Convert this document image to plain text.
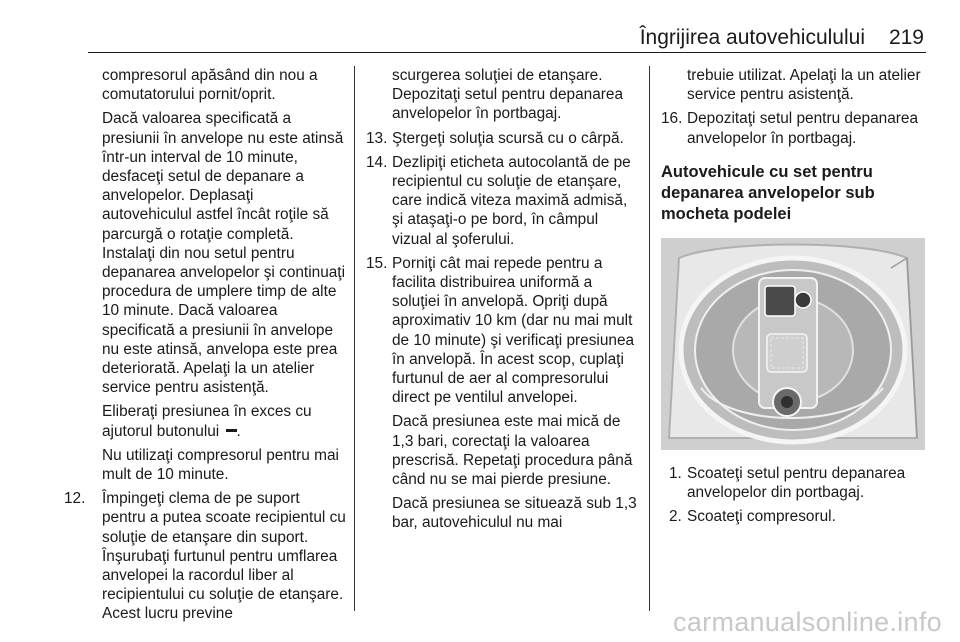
Îngrijirea autovehiculului 219

compresorul apăsând din nou a comutatorului pornit/oprit.

Dacă valoarea specificată a presiunii în anvelope nu este atinsă într-un interval de 10 minute, desfaceţi setul de depanare a anvelopelor. Deplasaţi autovehiculul astfel încât roţile să parcurgă o rotaţie completă. Instalaţi din nou setul pentru depanarea anvelopelor şi continuaţi procedura de umplere timp de alte 10 minute. Dacă valoarea specificată a presiunii în anvelope nu este atinsă, anvelopa este prea deteriorată. Apelaţi la un atelier service pentru asistenţă.

Eliberaţi presiunea în exces cu ajutorul butonului .

Nu utilizaţi compresorul pentru mai mult de 10 minute.

12. Împingeţi clema de pe suport pentru a putea scoate recipientul cu soluţie de etanşare din suport. Înşurubaţi furtunul pentru umflarea anvelopei la racordul liber al recipientului cu soluţie de etanşare. Acest lucru previne

scurgerea soluţiei de etanşare. Depozitaţi setul pentru depanarea anvelopelor în portbagaj.

13. Ştergeţi soluţia scursă cu o cârpă.
14. Dezlipiţi eticheta autocolantă de pe recipientul cu soluţie de etanşare, care indică viteza maximă admisă, şi ataşaţi-o pe bord, în câmpul vizual al şoferului.
15. Porniţi cât mai repede pentru a facilita distribuirea uniformă a soluţiei în anvelopă. Opriţi după aproximativ 10 km (dar nu mai mult de 10 minute) şi verificaţi presiunea în anvelopă. În acest scop, cuplaţi furtunul de aer al compresorului direct pe ventilul anvelopei.

Dacă presiunea este mai mică de 1,3 bari, corectaţi la valoarea prescrisă. Repetaţi procedura până când nu se mai pierde presiune.

Dacă presiunea se situează sub 1,3 bar, autovehiculul nu mai

trebuie utilizat. Apelaţi la un atelier service pentru asistenţă.

16. Depozitaţi setul pentru depanarea anvelopelor în portbagaj.
Autovehicule cu set pentru depanarea anvelopelor sub mocheta podelei
1. Scoateţi setul pentru depanarea anvelopelor din portbagaj.
2. Scoateţi compresorul.
carmanualsonline.info
